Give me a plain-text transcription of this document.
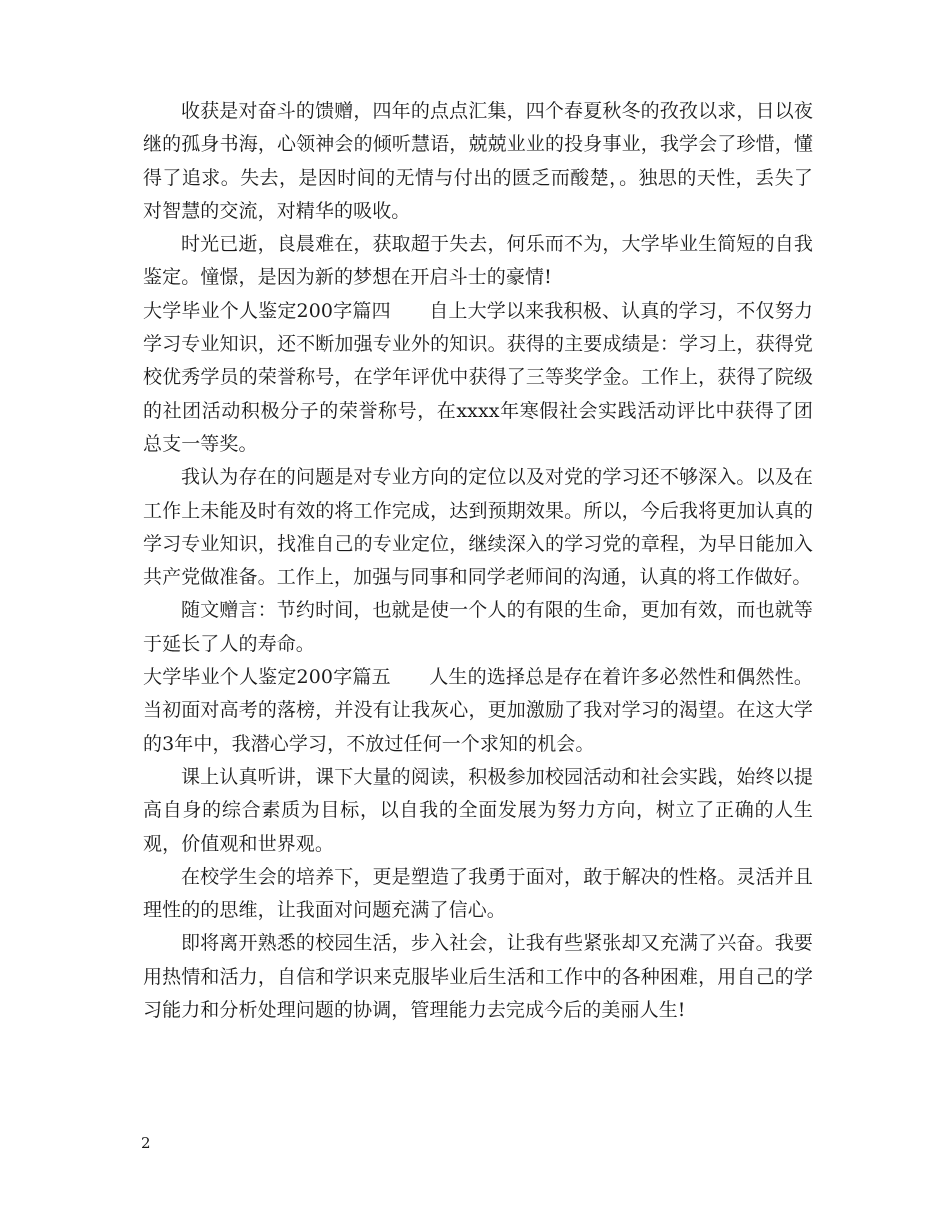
收获是对奋斗的馈赠，四年的点点汇集，四个春夏秋冬的孜孜以求，日以夜继的孤身书海，心领神会的倾听慧语，兢兢业业的投身事业，我学会了珍惜，懂得了追求。失去，是因时间的无情与付出的匮乏而酸楚，。独思的天性，丢失了对智慧的交流，对精华的吸收。

时光已逝，良晨难在，获取超于失去，何乐而不为，大学毕业生简短的自我鉴定。憧憬，是因为新的梦想在开启斗士的豪情!

大学毕业个人鉴定200字篇四　　自上大学以来我积极、认真的学习，不仅努力学习专业知识，还不断加强专业外的知识。获得的主要成绩是：学习上，获得党校优秀学员的荣誉称号，在学年评优中获得了三等奖学金。工作上，获得了院级的社团活动积极分子的荣誉称号，在xxxx年寒假社会实践活动评比中获得了团总支一等奖。

我认为存在的问题是对专业方向的定位以及对党的学习还不够深入。以及在工作上未能及时有效的将工作完成，达到预期效果。所以，今后我将更加认真的学习专业知识，找准自己的专业定位，继续深入的学习党的章程，为早日能加入共产党做准备。工作上，加强与同事和同学老师间的沟通，认真的将工作做好。

随文赠言：节约时间，也就是使一个人的有限的生命，更加有效，而也就等于延长了人的寿命。

大学毕业个人鉴定200字篇五　　人生的选择总是存在着许多必然性和偶然性。当初面对高考的落榜，并没有让我灰心，更加激励了我对学习的渴望。在这大学的3年中，我潜心学习，不放过任何一个求知的机会。

课上认真听讲，课下大量的阅读，积极参加校园活动和社会实践，始终以提高自身的综合素质为目标，以自我的全面发展为努力方向，树立了正确的人生观，价值观和世界观。

在校学生会的培养下，更是塑造了我勇于面对，敢于解决的性格。灵活并且理性的的思维，让我面对问题充满了信心。

即将离开熟悉的校园生活，步入社会，让我有些紧张却又充满了兴奋。我要用热情和活力，自信和学识来克服毕业后生活和工作中的各种困难，用自己的学习能力和分析处理问题的协调，管理能力去完成今后的美丽人生!

2
